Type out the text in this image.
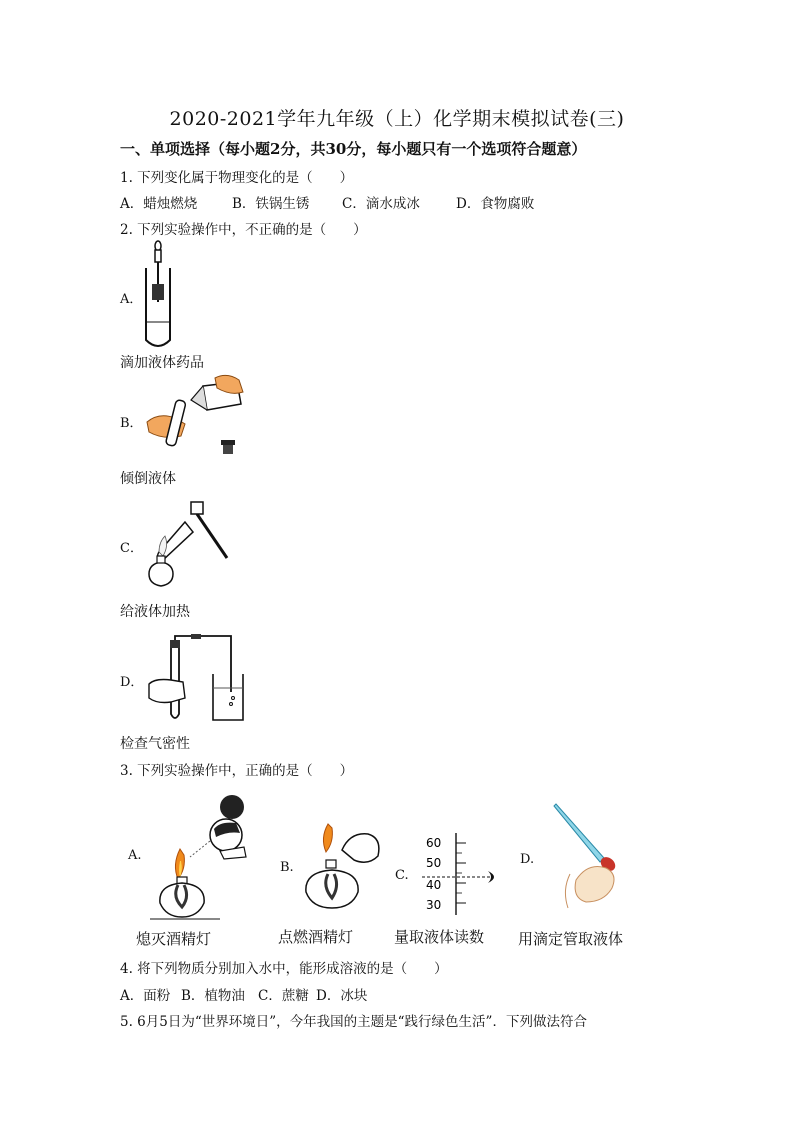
2020-2021学年九年级（上）化学期末模拟试卷(三)
一、单项选择（每小题2分，共30分，每小题只有一个选项符合题意）
1. 下列变化属于物理变化的是（　　）
A．蜡烛燃烧	B．铁锅生锈 C．滴水成冰	D．食物腐败
2. 下列实验操作中，不正确的是（　　）
A．
滴加液体药品
B．
倾倒液体
C．
给液体加热
D．
检查气密性
3. 下列实验操作中，正确的是（　　）
A.
熄灭酒精灯
B.
点燃酒精灯
C.
60
50
40
30
量取液体读数
D.
用滴定管取液体
4. 将下列物质分别加入水中，能形成溶液的是（　　）
A．面粉 B．植物油 C．蔗糖 D．冰块
5. 6月5日为“世界环境日”，今年我国的主题是“践行绿色生活”．下列做法符合
